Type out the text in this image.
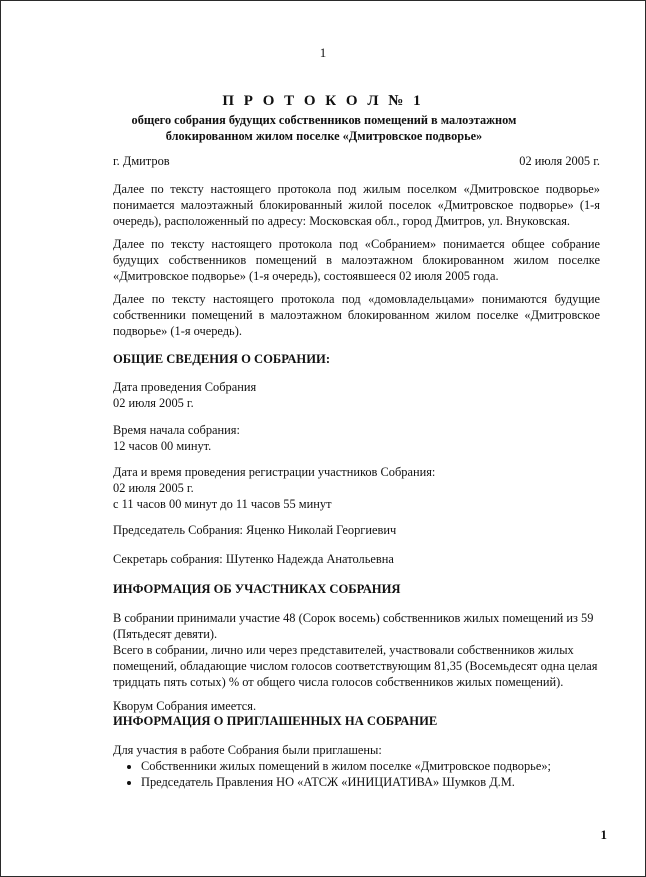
1
П Р О Т О К О Л № 1
общего собрания будущих собственников помещений в малоэтажном блокированном жилом поселке «Дмитровское подворье»
г. Дмитров	02 июля 2005 г.
Далее по тексту настоящего протокола под жилым поселком «Дмитровское подворье» понимается малоэтажный блокированный жилой поселок «Дмитровское подворье» (1-я очередь), расположенный по адресу: Московская обл., город Дмитров, ул. Внуковская.
Далее по тексту настоящего протокола под «Собранием» понимается общее собрание будущих собственников помещений в малоэтажном блокированном жилом поселке «Дмитровское подворье» (1-я очередь), состоявшееся 02 июля 2005 года.
Далее по тексту настоящего протокола под «домовладельцами» понимаются будущие собственники помещений в малоэтажном блокированном жилом поселке «Дмитровское подворье» (1-я очередь).
ОБЩИЕ СВЕДЕНИЯ О СОБРАНИИ:
Дата проведения Собрания
02 июля 2005 г.
Время начала собрания:
12 часов 00 минут.
Дата и время проведения регистрации участников Собрания:
02 июля 2005 г.
с 11 часов 00 минут до 11 часов 55 минут
Председатель Собрания: Яценко Николай Георгиевич
Секретарь собрания: Шутенко Надежда Анатольевна
ИНФОРМАЦИЯ ОБ УЧАСТНИКАХ СОБРАНИЯ
В собрании принимали участие 48 (Сорок восемь) собственников жилых помещений из 59 (Пятьдесят девяти).
Всего в собрании, лично или через представителей, участвовали собственников жилых помещений, обладающие числом голосов соответствующим 81,35 (Восемьдесят одна целая тридцать пять сотых) % от общего числа голосов собственников жилых помещений).
Кворум Собрания имеется.
ИНФОРМАЦИЯ О ПРИГЛАШЕННЫХ НА СОБРАНИЕ
Для участия в работе Собрания были приглашены:
• Собственники жилых помещений в жилом поселке «Дмитровское подворье»;
• Председатель Правления НО «АТСЖ «ИНИЦИАТИВА» Шумков Д.М.
1
